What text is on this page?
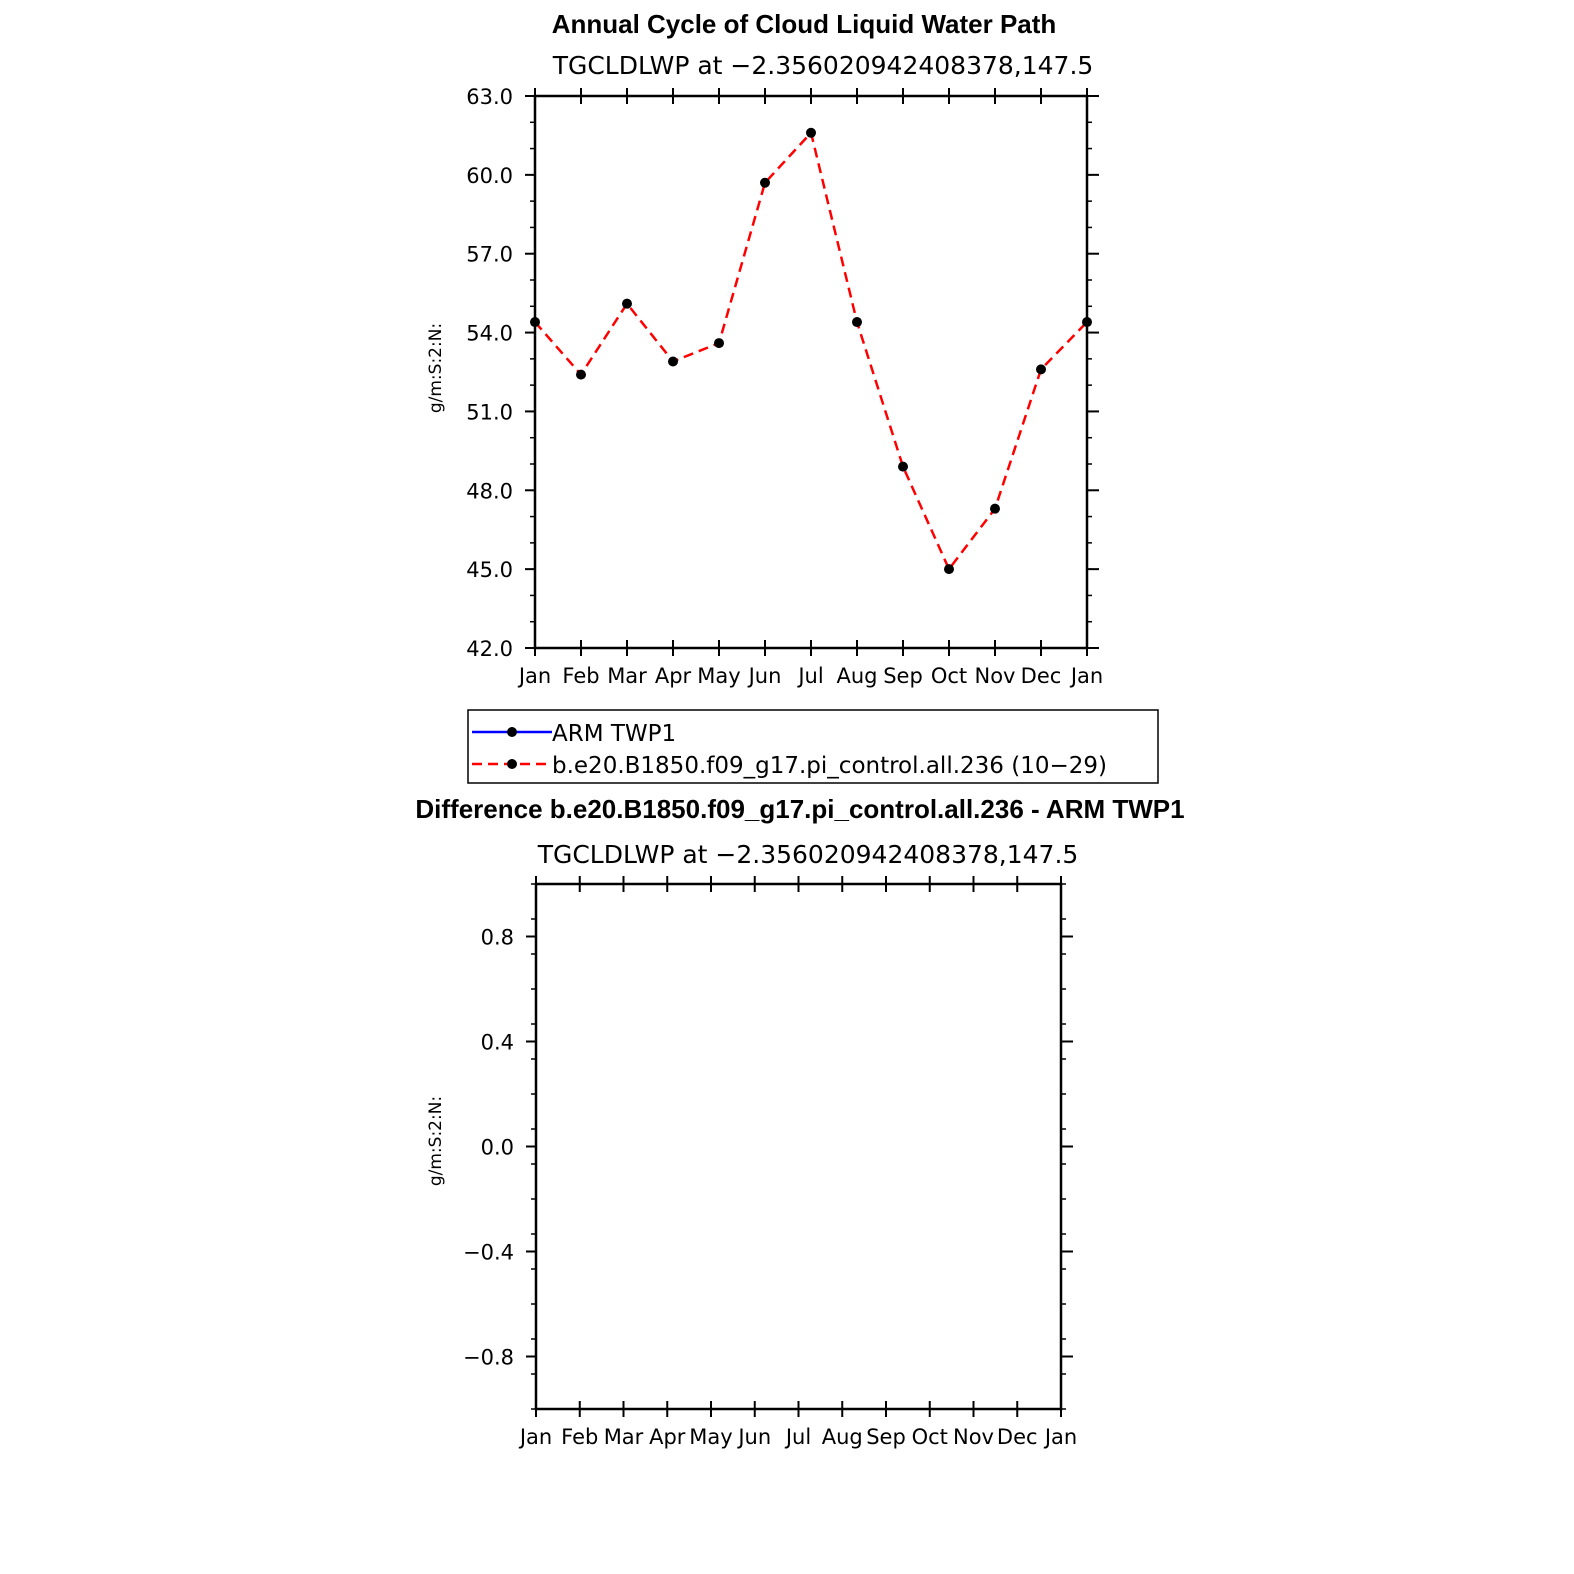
Annual Cycle of Cloud Liquid Water Path
TGCLDLWP at −2.356020942408378,147.5
g/m:S:2:N:
42.0
45.0
48.0
51.0
54.0
57.0
60.0
63.0
Jan Feb Mar Apr May Jun Jul Aug Sep Oct Nov Dec Jan
ARM TWP1
b.e20.B1850.f09_g17.pi_control.all.236 (10−29)
Difference b.e20.B1850.f09_g17.pi_control.all.236 - ARM TWP1
TGCLDLWP at −2.356020942408378,147.5
g/m:S:2:N:
−0.8
−0.4
0.0
0.4
0.8
Jan Feb Mar Apr May Jun Jul Aug Sep Oct Nov Dec Jan
